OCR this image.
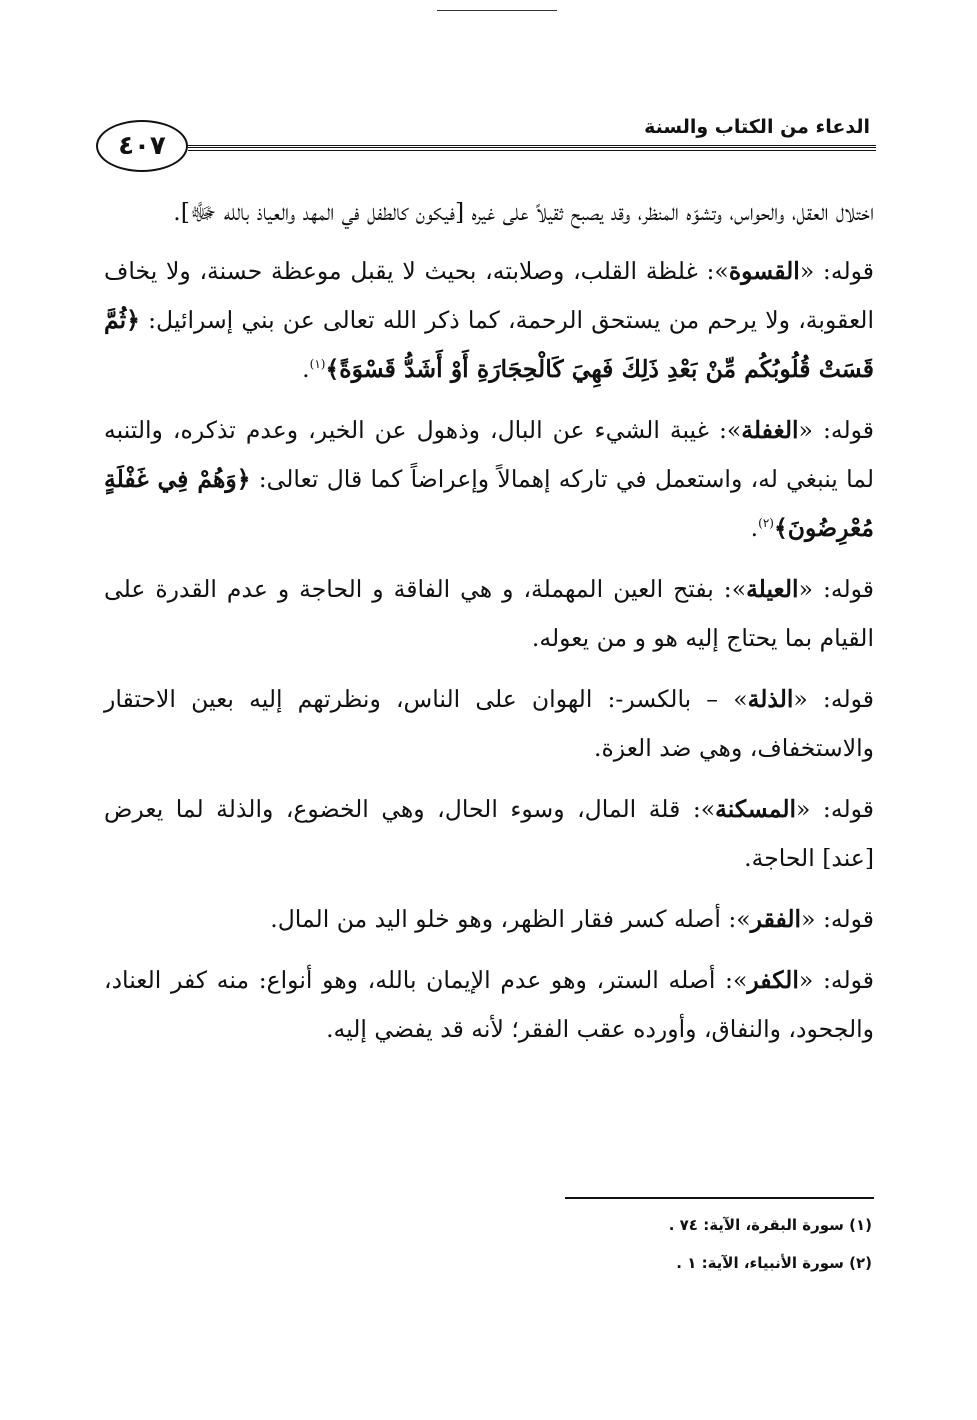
الدعاء من الكتاب والسنة
٤٠٧

اختلال العقل، والحواس، وتشوّه المنظر، وقد يصبح ثقيلاً على غيره [فيكون كالطفل في المهد والعياذ بالله ﷻ].

قوله: «القسوة»: غلظة القلب، وصلابته، بحيث لا يقبل موعظة حسنة، ولا يخاف العقوبة، ولا يرحم من يستحق الرحمة، كما ذكر الله تعالى عن بني إسرائيل: ﴿ثُمَّ قَسَتْ قُلُوبُكُم مِّنْ بَعْدِ ذَلِكَ فَهِيَ كَالْحِجَارَةِ أَوْ أَشَدُّ قَسْوَةً﴾$^{(١)}$.

قوله: «الغفلة»: غيبة الشيء عن البال، وذهول عن الخير، وعدم تذكره، والتنبه لما ينبغي له، واستعمل في تاركه إهمالاً وإعراضاً كما قال تعالى: ﴿وَهُمْ فِي غَفْلَةٍ مُعْرِضُونَ﴾$^{(٢)}$.

قوله: «العيلة»: بفتح العين المهملة، و هي الفاقة و الحاجة و عدم القدرة على القيام بما يحتاج إليه هو و من يعوله.

قوله: «الذلة» – بالكسر-: الهوان على الناس، ونظرتهم إليه بعين الاحتقار والاستخفاف، وهي ضد العزة.

قوله: «المسكنة»: قلة المال، وسوء الحال، وهي الخضوع، والذلة لما يعرض [عند] الحاجة.

قوله: «الفقر»: أصله كسر فقار الظهر، وهو خلو اليد من المال.

قوله: «الكفر»: أصله الستر، وهو عدم الإيمان بالله، وهو أنواع: منه كفر العناد، والجحود، والنفاق، وأورده عقب الفقر؛ لأنه قد يفضي إليه.

(١) سورة البقرة، الآية: ٧٤ .

(٢) سورة الأنبياء، الآية: ١ .
